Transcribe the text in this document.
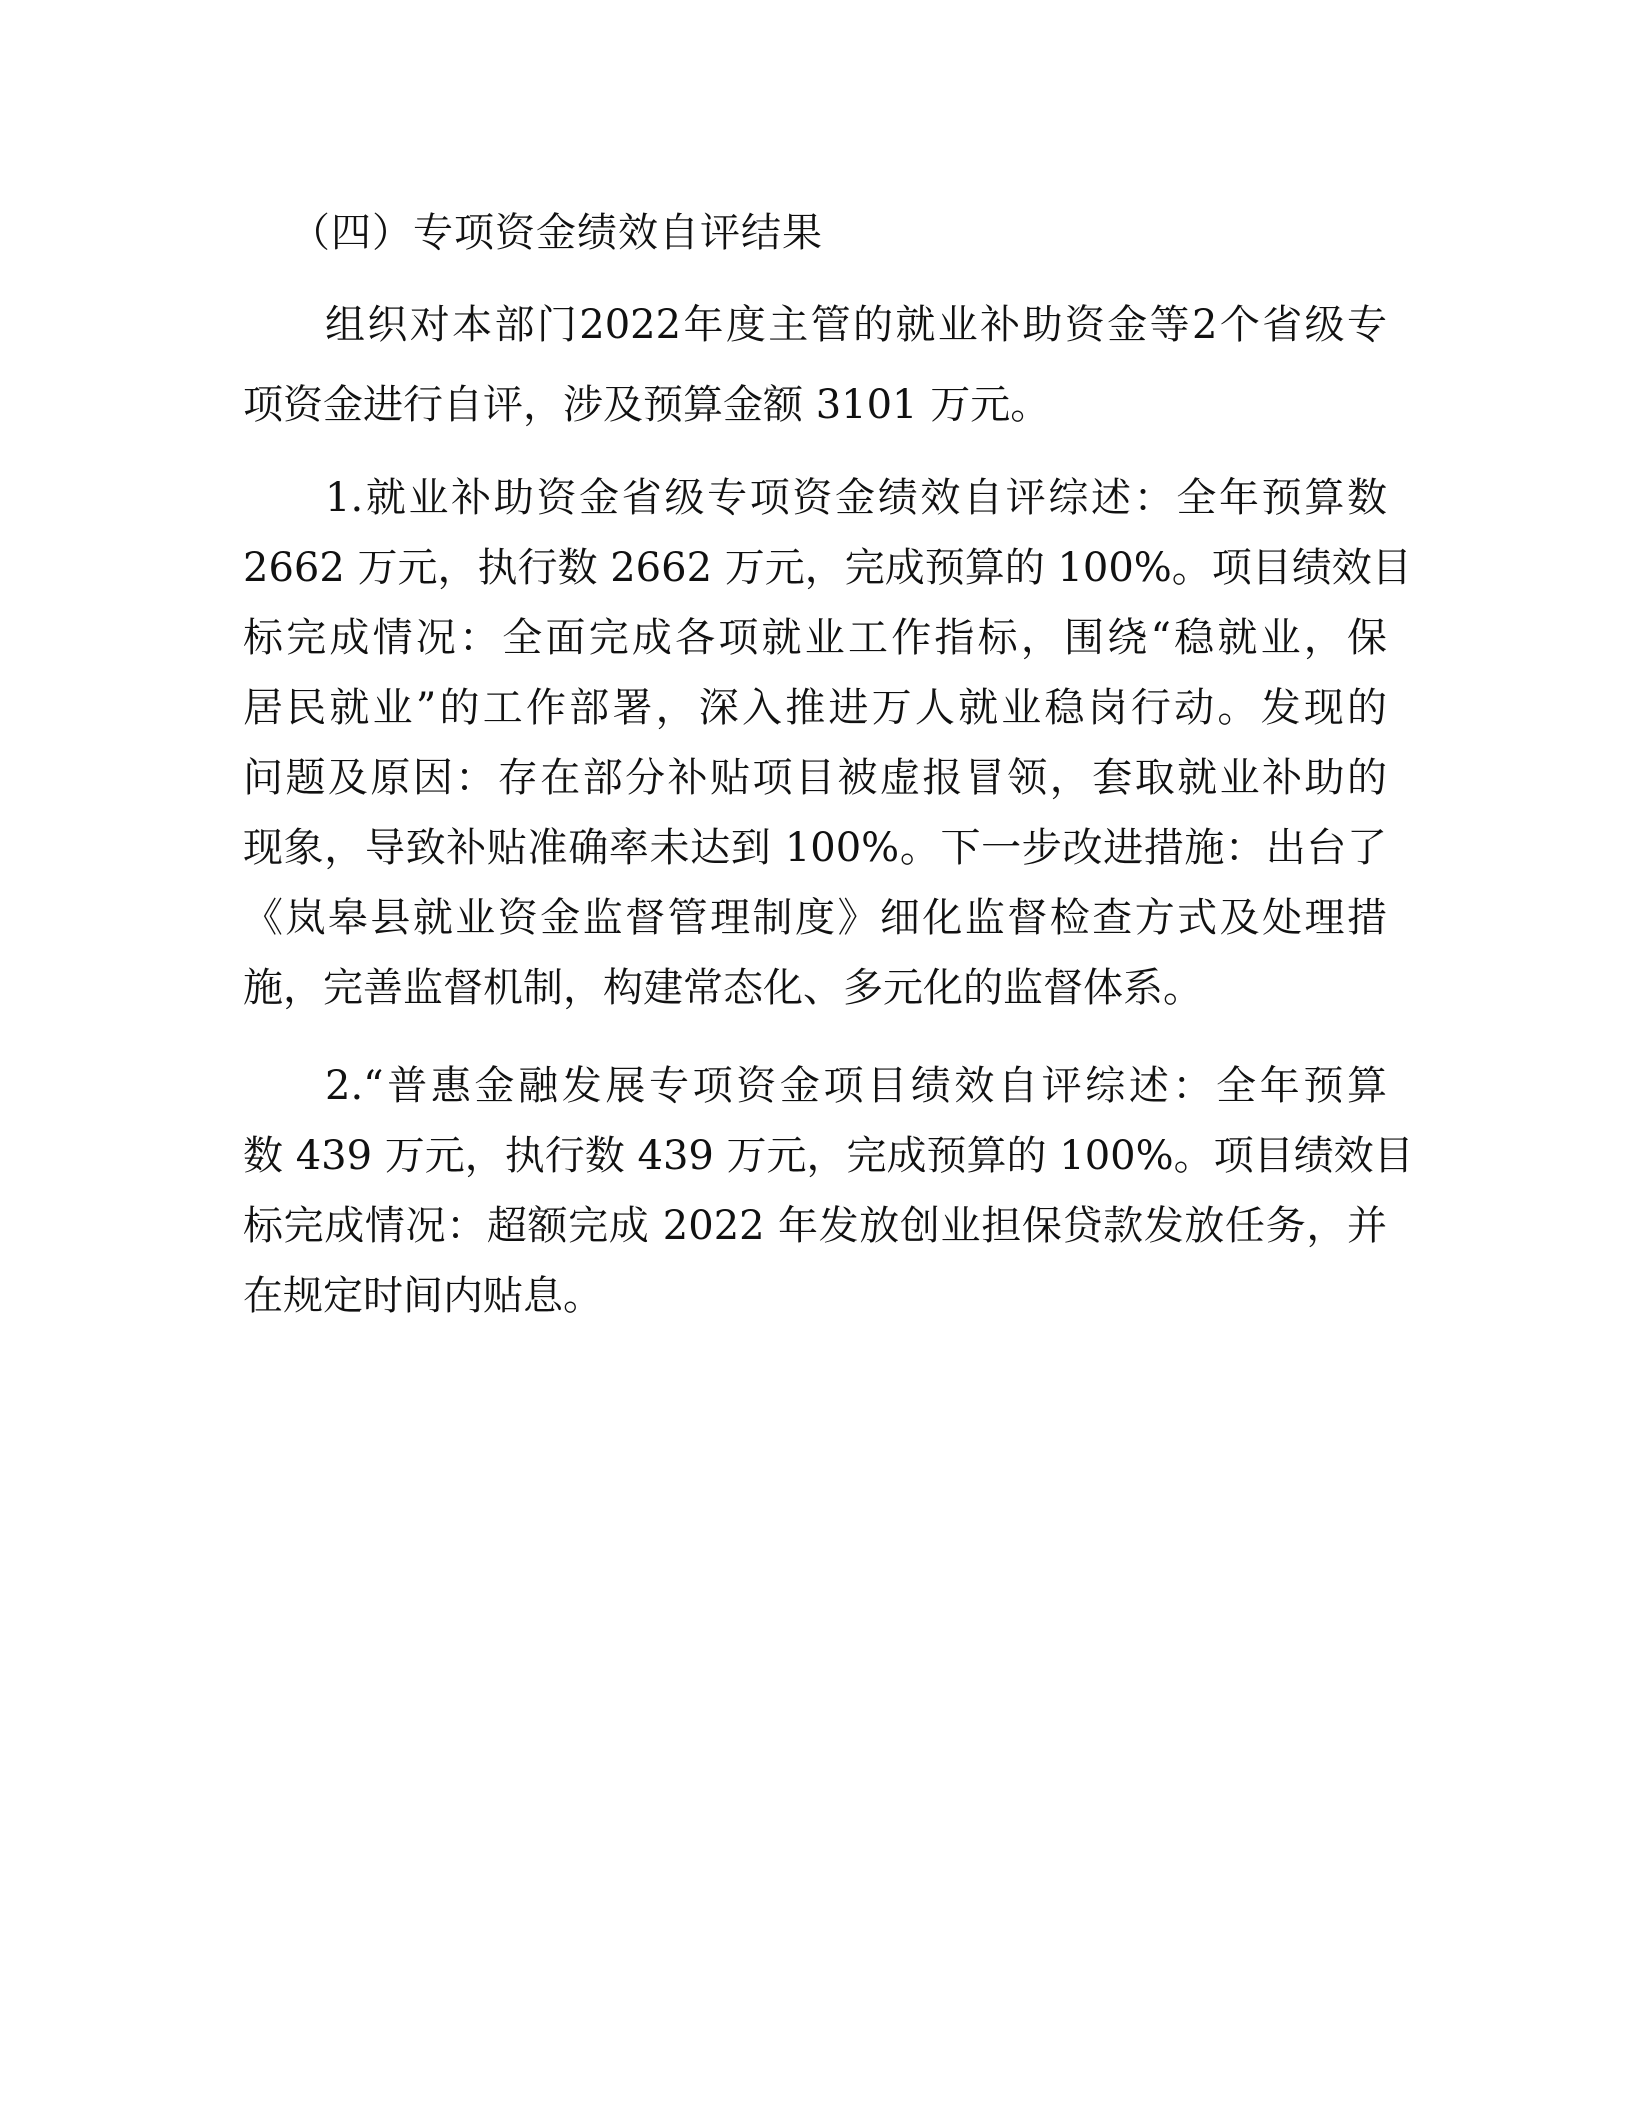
（四）专项资金绩效自评结果
组织对本部门2022年度主管的就业补助资金等2个省级专
项资金进行自评，涉及预算金额 3101 万元。
1.就业补助资金省级专项资金绩效自评综述：全年预算数
2662 万元，执行数 2662 万元，完成预算的 100%。项目绩效目
标完成情况：全面完成各项就业工作指标，围绕“稳就业，保
居民就业”的工作部署，深入推进万人就业稳岗行动。发现的
问题及原因：存在部分补贴项目被虚报冒领，套取就业补助的
现象，导致补贴准确率未达到 100%。下一步改进措施：出台了
《岚皋县就业资金监督管理制度》细化监督检查方式及处理措
施，完善监督机制，构建常态化、多元化的监督体系。
2.“普惠金融发展专项资金项目绩效自评综述：全年预算
数 439 万元，执行数 439 万元，完成预算的 100%。项目绩效目
标完成情况：超额完成 2022 年发放创业担保贷款发放任务，并
在规定时间内贴息。
